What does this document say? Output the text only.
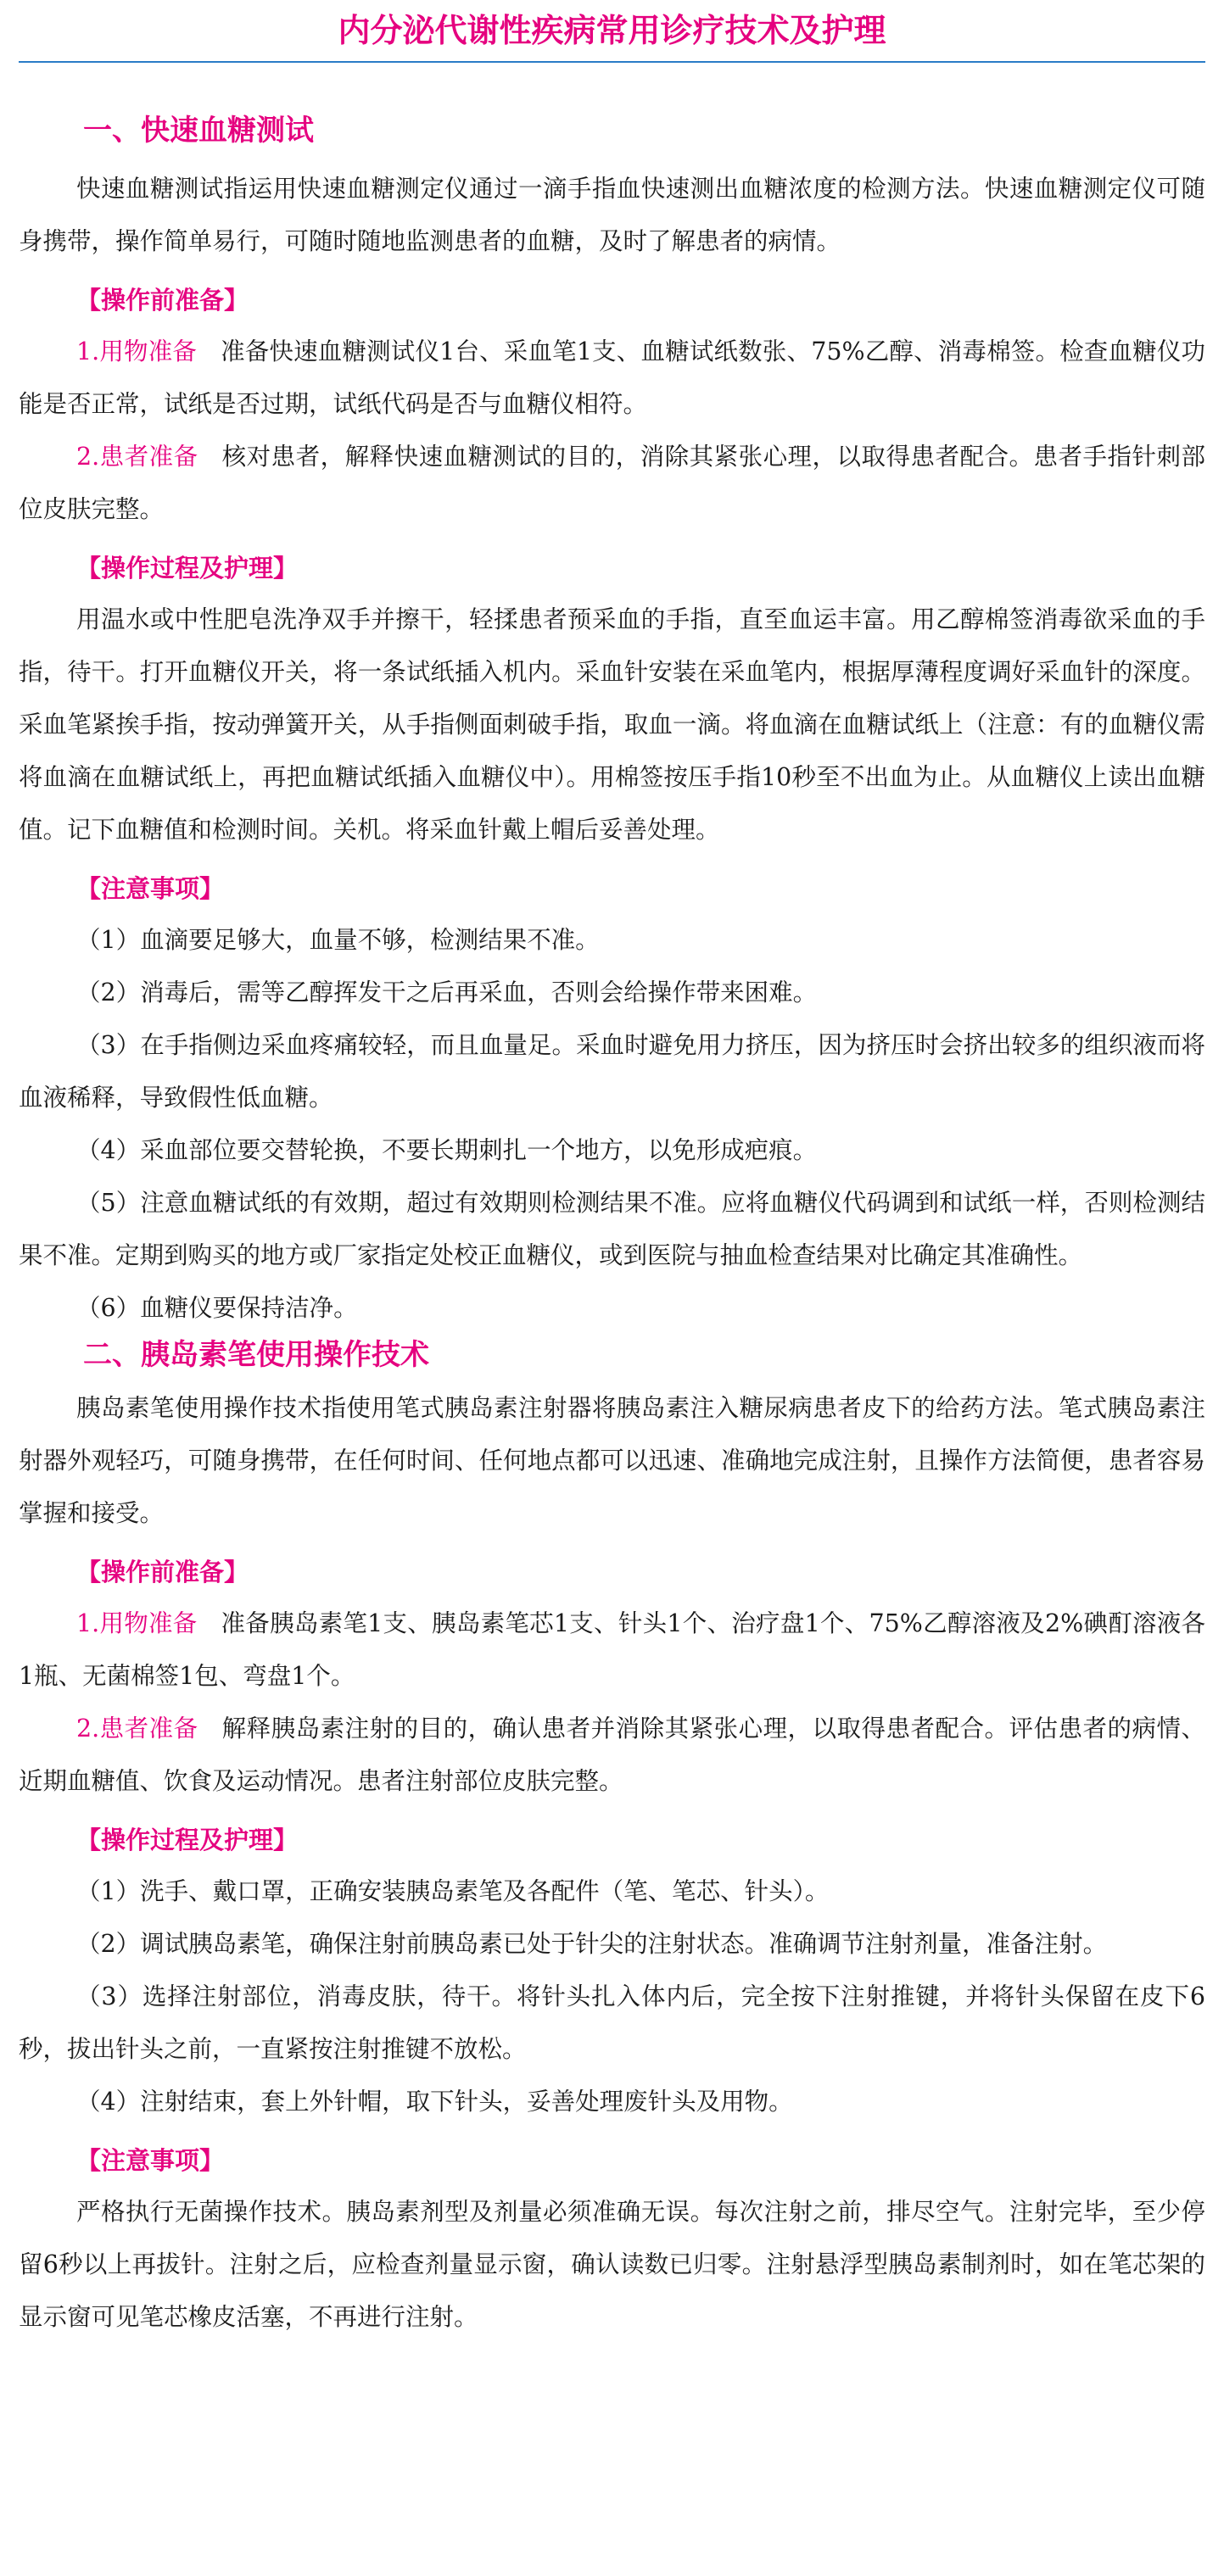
内分泌代谢性疾病常用诊疗技术及护理
一、快速血糖测试

快速血糖测试指运用快速血糖测定仪通过一滴手指血快速测出血糖浓度的检测方法。快速血糖测定仪可随身携带，操作简单易行，可随时随地监测患者的血糖，及时了解患者的病情。

【操作前准备】

1.用物准备 准备快速血糖测试仪1台、采血笔1支、血糖试纸数张、75%乙醇、消毒棉签。检查血糖仪功能是否正常，试纸是否过期，试纸代码是否与血糖仪相符。

2.患者准备 核对患者，解释快速血糖测试的目的，消除其紧张心理，以取得患者配合。患者手指针刺部位皮肤完整。

【操作过程及护理】

用温水或中性肥皂洗净双手并擦干，轻揉患者预采血的手指，直至血运丰富。用乙醇棉签消毒欲采血的手指，待干。打开血糖仪开关，将一条试纸插入机内。采血针安装在采血笔内，根据厚薄程度调好采血针的深度。采血笔紧挨手指，按动弹簧开关，从手指侧面刺破手指，取血一滴。将血滴在血糖试纸上（注意：有的血糖仪需将血滴在血糖试纸上，再把血糖试纸插入血糖仪中）。用棉签按压手指10秒至不出血为止。从血糖仪上读出血糖值。记下血糖值和检测时间。关机。将采血针戴上帽后妥善处理。

【注意事项】

（1）血滴要足够大，血量不够，检测结果不准。

（2）消毒后，需等乙醇挥发干之后再采血，否则会给操作带来困难。

（3）在手指侧边采血疼痛较轻，而且血量足。采血时避免用力挤压，因为挤压时会挤出较多的组织液而将血液稀释，导致假性低血糖。

（4）采血部位要交替轮换，不要长期刺扎一个地方，以免形成疤痕。

（5）注意血糖试纸的有效期，超过有效期则检测结果不准。应将血糖仪代码调到和试纸一样，否则检测结果不准。定期到购买的地方或厂家指定处校正血糖仪，或到医院与抽血检查结果对比确定其准确性。

（6）血糖仪要保持洁净。

二、胰岛素笔使用操作技术

胰岛素笔使用操作技术指使用笔式胰岛素注射器将胰岛素注入糖尿病患者皮下的给药方法。笔式胰岛素注射器外观轻巧，可随身携带，在任何时间、任何地点都可以迅速、准确地完成注射，且操作方法简便，患者容易掌握和接受。

【操作前准备】

1.用物准备 准备胰岛素笔1支、胰岛素笔芯1支、针头1个、治疗盘1个、75%乙醇溶液及2%碘酊溶液各1瓶、无菌棉签1包、弯盘1个。

2.患者准备 解释胰岛素注射的目的，确认患者并消除其紧张心理，以取得患者配合。评估患者的病情、近期血糖值、饮食及运动情况。患者注射部位皮肤完整。

【操作过程及护理】

（1）洗手、戴口罩，正确安装胰岛素笔及各配件（笔、笔芯、针头）。

（2）调试胰岛素笔，确保注射前胰岛素已处于针尖的注射状态。准确调节注射剂量，准备注射。

（3）选择注射部位，消毒皮肤，待干。将针头扎入体内后，完全按下注射推键，并将针头保留在皮下6秒，拔出针头之前，一直紧按注射推键不放松。

（4）注射结束，套上外针帽，取下针头，妥善处理废针头及用物。

【注意事项】

严格执行无菌操作技术。胰岛素剂型及剂量必须准确无误。每次注射之前，排尽空气。注射完毕，至少停留6秒以上再拔针。注射之后，应检查剂量显示窗，确认读数已归零。注射悬浮型胰岛素制剂时，如在笔芯架的显示窗可见笔芯橡皮活塞，不再进行注射。
